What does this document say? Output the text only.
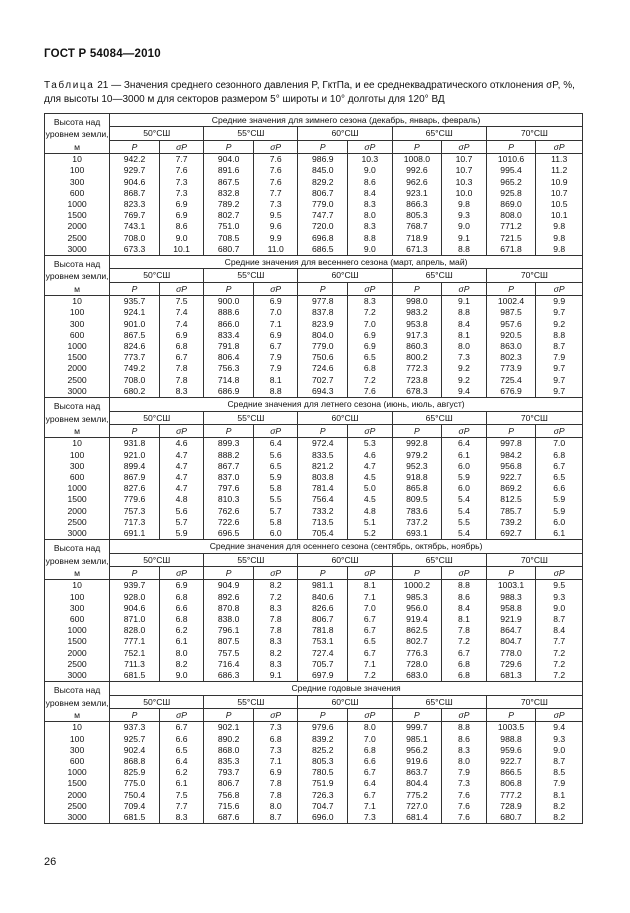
ГОСТ Р 54084—2010
Таблица 21 — Значения среднего сезонного давления P, ГктПа, и ее среднеквадратического отклонения σP, %, для высоты 10—3000 м для секторов размером 5° широты и 10° долготы для 120° ВД
Высота над уровнем земли, м	Средние значения для зимнего сезона (декабрь, январь, февраль)									
	50°СШ		55°СШ		60°СШ		65°СШ		70°СШ	
	P	σP	P	σP	P	σP	P	σP	P	σP
10	942.2	7.7	904.0	7.6	986.9	10.3	1008.0	10.7	1010.6	11.3
100	929.7	7.6	891.6	7.6	845.0	9.0	992.6	10.7	995.4	11.2
300	904.6	7.3	867.5	7.6	829.2	8.6	962.6	10.3	965.2	10.9
600	868.7	7.3	832.8	7.7	806.7	8.4	923.1	10.0	925.8	10.7
1000	823.3	6.9	789.2	7.3	779.0	8.3	866.3	9.8	869.0	10.5
1500	769.7	6.9	802.7	9.5	747.7	8.0	805.3	9.3	808.0	10.1
2000	743.1	8.6	751.0	9.6	720.0	8.3	768.7	9.0	771.2	9.8
2500	708.0	9.0	708.5	9.9	696.8	8.8	718.9	9.1	721.5	9.8
3000	673.3	10.1	680.7	11.0	686.5	9.0	671.3	8.8	671.8	9.8
Высота над уровнем земли, м	Средние значения для весеннего сезона (март, апрель, май)									
	50°СШ		55°СШ		60°СШ		65°СШ		70°СШ	
	P	σP	P	σP	P	σP	P	σP	P	σP
10	935.7	7.5	900.0	6.9	977.8	8.3	998.0	9.1	1002.4	9.9
100	924.1	7.4	888.6	7.0	837.8	7.2	983.2	8.8	987.5	9.7
300	901.0	7.4	866.0	7.1	823.9	7.0	953.8	8.4	957.6	9.2
600	867.5	6.9	833.4	6.9	804.0	6.9	917.3	8.1	920.5	8.8
1000	824.6	6.8	791.8	6.7	779.0	6.9	860.3	8.0	863.0	8.7
1500	773.7	6.7	806.4	7.9	750.6	6.5	800.2	7.3	802.3	7.9
2000	749.2	7.8	756.3	7.9	724.6	6.8	772.3	9.2	773.9	9.7
2500	708.0	7.8	714.8	8.1	702.7	7.2	723.8	9.2	725.4	9.7
3000	680.2	8.3	686.9	8.8	694.3	7.6	678.3	9.4	676.9	9.7
Высота над уровнем земли, м	Средние значения для летнего сезона (июнь, июль, август)									
	50°СШ		55°СШ		60°СШ		65°СШ		70°СШ	
	P	σP	P	σP	P	σP	P	σP	P	σP
10	931.8	4.6	899.3	6.4	972.4	5.3	992.8	6.4	997.8	7.0
100	921.0	4.7	888.2	5.6	833.5	4.6	979.2	6.1	984.2	6.8
300	899.4	4.7	867.7	6.5	821.2	4.7	952.3	6.0	956.8	6.7
600	867.9	4.7	837.0	5.9	803.8	4.5	918.8	5.9	922.7	6.5
1000	827.6	4.7	797.6	5.8	781.4	5.0	865.8	6.0	869.2	6.6
1500	779.6	4.8	810.3	5.5	756.4	4.5	809.5	5.4	812.5	5.9
2000	757.3	5.6	762.6	5.7	733.2	4.8	783.6	5.4	785.7	5.9
2500	717.3	5.7	722.6	5.8	713.5	5.1	737.2	5.5	739.2	6.0
3000	691.1	5.9	696.5	6.0	705.4	5.2	693.1	5.4	692.7	6.1
Высота над уровнем земли, м	Средние значения для осеннего сезона (сентябрь, октябрь, ноябрь)									
	50°СШ		55°СШ		60°СШ		65°СШ		70°СШ	
	P	σP	P	σP	P	σP	P	σP	P	σP
10	939.7	6.9	904.9	8.2	981.1	8.1	1000.2	8.8	1003.1	9.5
100	928.0	6.8	892.6	7.2	840.6	7.1	985.3	8.6	988.3	9.3
300	904.6	6.6	870.8	8.3	826.6	7.0	956.0	8.4	958.8	9.0
600	871.0	6.8	838.0	7.8	806.7	6.7	919.4	8.1	921.9	8.7
1000	828.0	6.2	796.1	7.8	781.8	6.7	862.5	7.8	864.7	8.4
1500	777.1	6.1	807.5	8.3	753.1	6.5	802.7	7.2	804.7	7.7
2000	752.1	8.0	757.5	8.2	727.4	6.7	776.3	6.7	778.0	7.2
2500	711.3	8.2	716.4	8.3	705.7	7.1	728.0	6.8	729.6	7.2
3000	681.5	9.0	686.3	9.1	697.9	7.2	683.0	6.8	681.3	7.2
Высота над уровнем земли, м	Средние годовые значения									
	50°СШ		55°СШ		60°СШ		65°СШ		70°СШ	
	P	σP	P	σP	P	σP	P	σP	P	σP
10	937.3	6.7	902.1	7.3	979.6	8.0	999.7	8.8	1003.5	9.4
100	925.7	6.6	890.2	6.8	839.2	7.0	985.1	8.6	988.8	9.3
300	902.4	6.5	868.0	7.3	825.2	6.8	956.2	8.3	959.6	9.0
600	868.8	6.4	835.3	7.1	805.3	6.6	919.6	8.0	922.7	8.7
1000	825.9	6.2	793.7	6.9	780.5	6.7	863.7	7.9	866.5	8.5
1500	775.0	6.1	806.7	7.8	751.9	6.4	804.4	7.3	806.8	7.9
2000	750.4	7.5	756.8	7.8	726.3	6.7	775.2	7.6	777.2	8.1
2500	709.4	7.7	715.6	8.0	704.7	7.1	727.0	7.6	728.9	8.2
3000	681.5	8.3	687.6	8.7	696.0	7.3	681.4	7.6	680.7	8.2
26
